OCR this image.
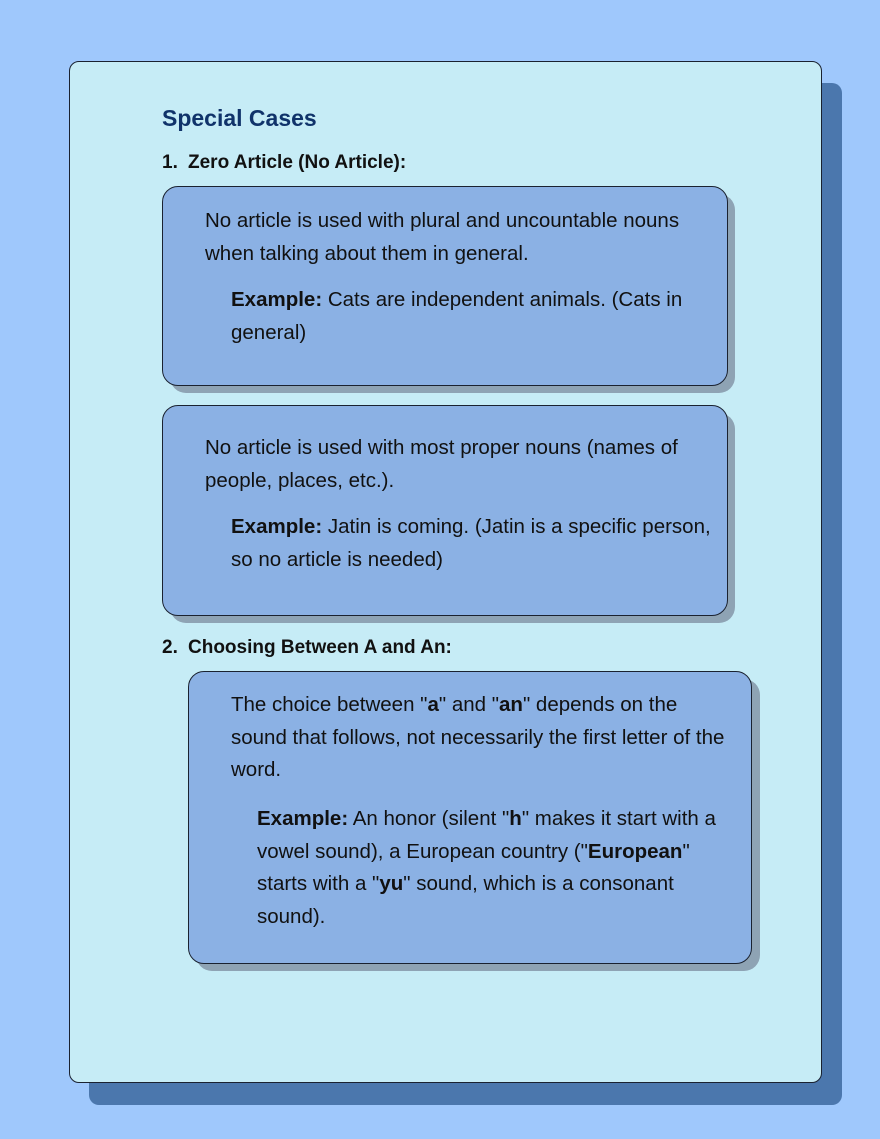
Special Cases
1. Zero Article (No Article):

No article is used with plural and uncountable nouns when talking about them in general.

Example: Cats are independent animals. (Cats in general)

No article is used with most proper nouns (names of people, places, etc.).

Example: Jatin is coming. (Jatin is a specific person, so no article is needed)

2. Choosing Between A and An:

The choice between "a" and "an" depends on the sound that follows, not necessarily the first letter of the word.

Example: An honor (silent "h" makes it start with a vowel sound), a European country ("European" starts with a "yu" sound, which is a consonant sound).
